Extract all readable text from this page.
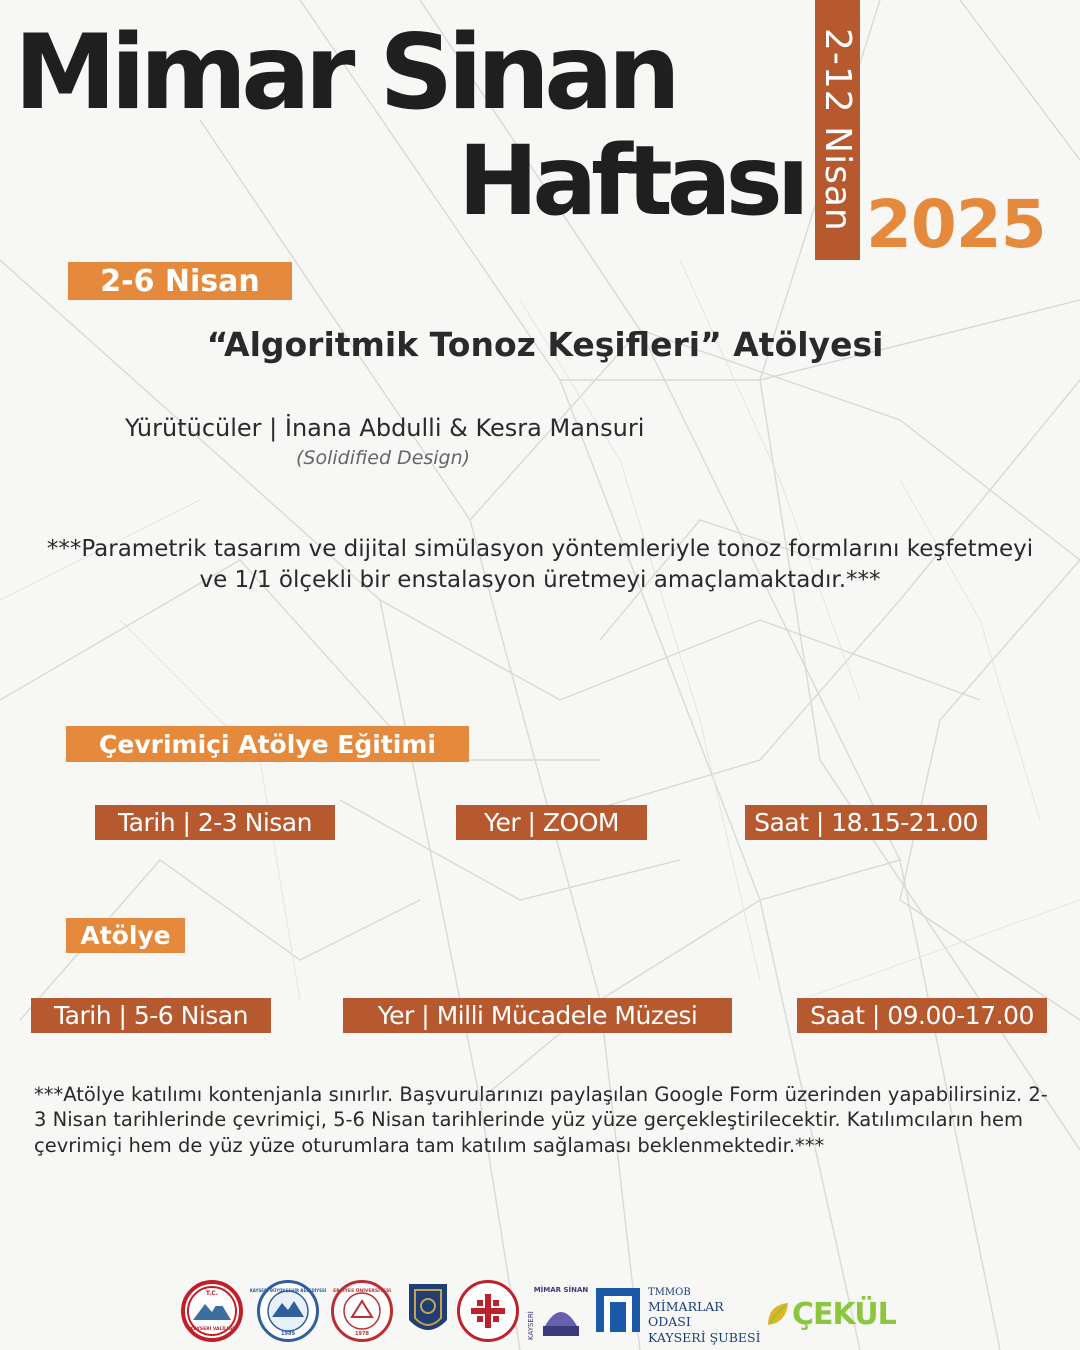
Mimar Sinan
Haftası 2-12 Nisan 2025
2-6 Nisan
“Algoritmik Tonoz Keşifleri” Atölyesi
Yürütücüler | İnana Abdulli & Kesra Mansuri
(Solidified Design)
***Parametrik tasarım ve dijital simülasyon yöntemleriyle tonoz formlarını keşfetmeyi ve 1/1 ölçekli bir enstalasyon üretmeyi amaçlamaktadır.***
Çevrimiçi Atölye Eğitimi
Tarih | 2-3 Nisan	Yer | ZOOM	Saat | 18.15-21.00
Atölye
Tarih | 5-6 Nisan	Yer | Milli Mücadele Müzesi	Saat | 09.00-17.00
***Atölye katılımı kontenjanla sınırlır. Başvurularınızı paylaşılan Google Form üzerinden yapabilirsiniz. 2-3 Nisan tarihlerinde çevrimiçi, 5-6 Nisan tarihlerinde yüz yüze gerçekleştirilecektir. Katılımcıların hem çevrimiçi hem de yüz yüze oturumlara tam katılım sağlaması beklenmektedir.***
T.C.
KAYSERİ VALİLİĞİ
KAYSERİ BÜYÜKŞEHİR BELEDİYESİ
1989
ERCİYES ÜNİVERSİTESİ
1978	KAYSERİ
MİMAR SİNAN	TMMOB
MİMARLAR ODASI
KAYSERİ ŞUBESİ
ÇEKÜL
